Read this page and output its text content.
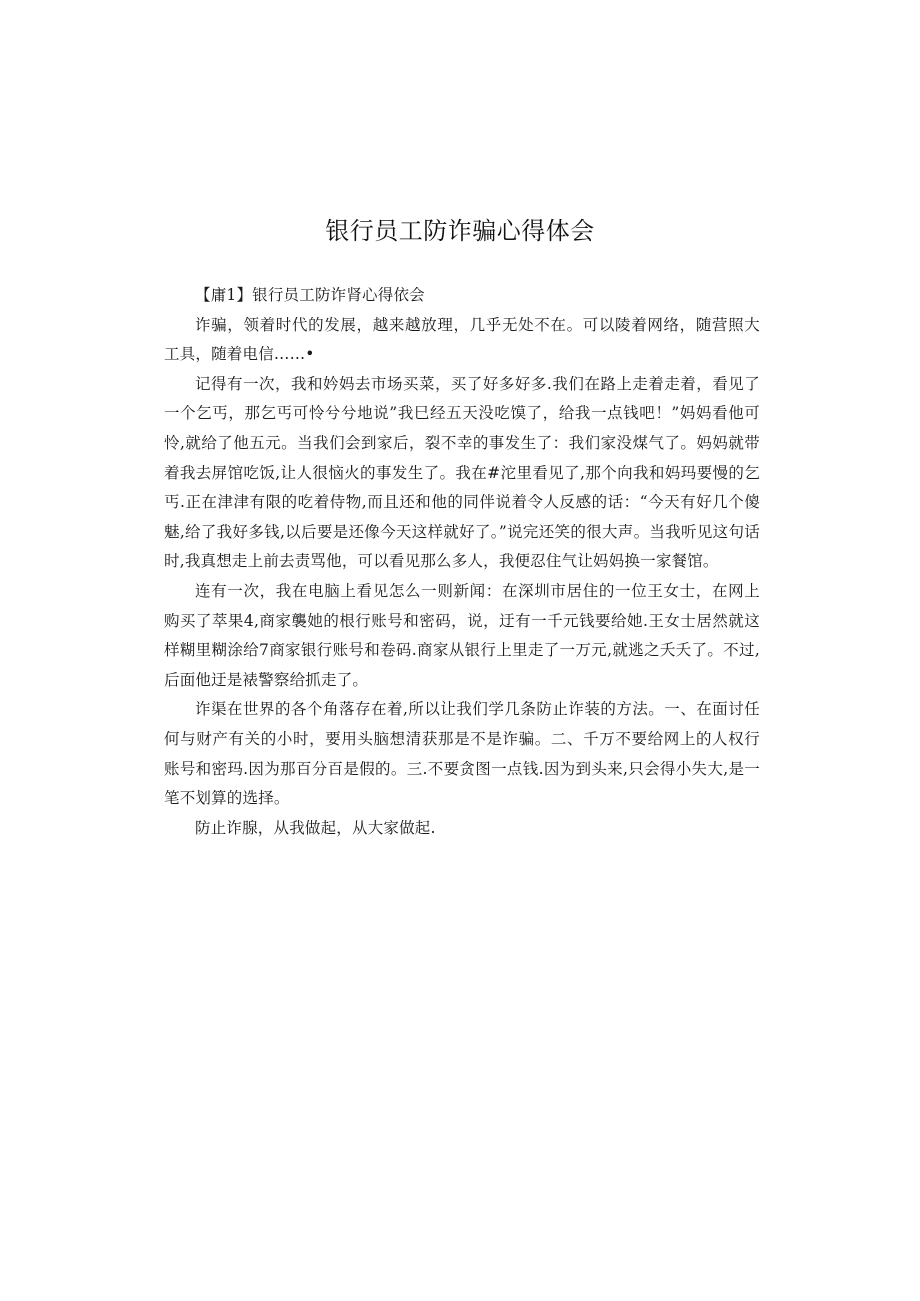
银行员工防诈骗心得体会

【庸1】银行员工防诈肾心得依会

诈骗，领着时代的发展，越来越放理，几乎无处不在。可以陵着网络，随营照大工具，随着电信……•

记得有一次，我和妗妈去市场买菜，买了好多好多.我们在路上走着走着，看见了一个乞丐，那乞丐可怜兮兮地说”我巳经五天没吃馍了，给我一点钱吧！”妈妈看他可怜,就给了他五元。当我们会到家后，裂不幸的事发生了：我们家没煤气了。妈妈就带着我去屏馆吃饭,让人很恼火的事发生了。我在#沱里看见了,那个向我和妈玛要慢的乞丐.正在津津有限的吃着侍物,而且还和他的同伴说着令人反感的话：“今天有好几个傻魅,给了我好多钱,以后要是还像今天这样就好了。”说完还笑的很大声。当我听见这句话时,我真想走上前去责骂他，可以看见那么多人，我便忍住气让妈妈换一家餐馆。

连有一次，我在电脑上看见怎么一则新闻：在深圳市居住的一位王女士，在网上购买了萃果4,商家襲她的根行账号和密码，说，迂有一千元钱要给她.王女士居然就这样糊里糊涂给7商家银行账号和卷码.商家从银行上里走了一万元,就逃之夭夭了。不过,后面他迂是裱警察给抓走了。

诈渠在世界的各个角落存在着,所以让我们学几条防止诈装的方法。一、在面讨任何与财产有关的小时，要用头脑想清获那是不是诈骗。二、千万不要给网上的人权行账号和密玛.因为那百分百是假的。三.不要贪图一点钱.因为到头来,只会得小失大,是一笔不划算的选择。

防止诈腺，从我做起，从大家做起.
